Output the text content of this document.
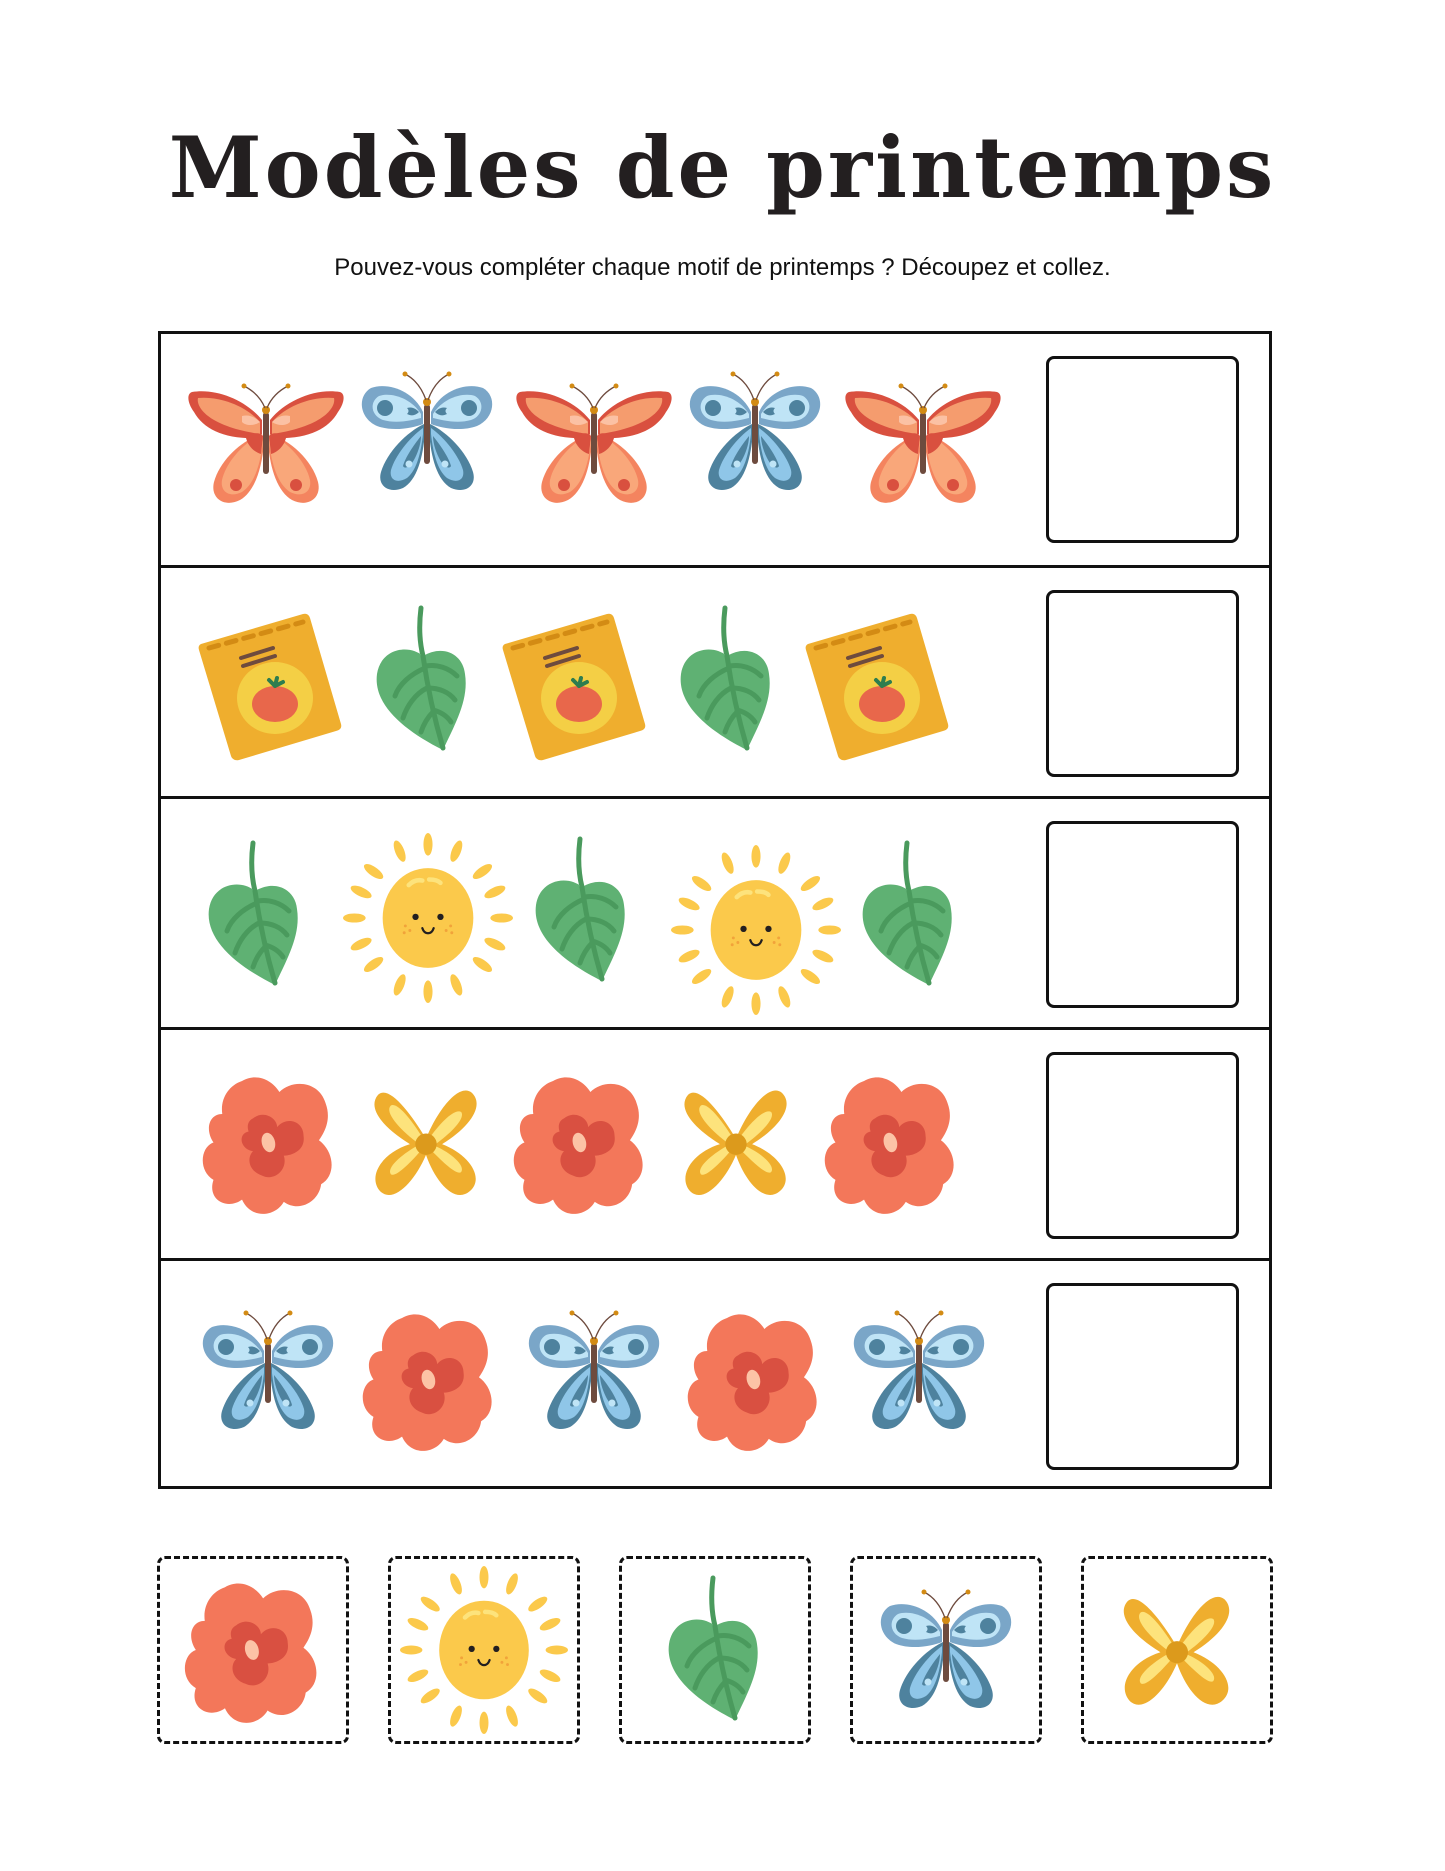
Modèles de printemps
Pouvez-vous compléter chaque motif de printemps ? Découpez et collez.
